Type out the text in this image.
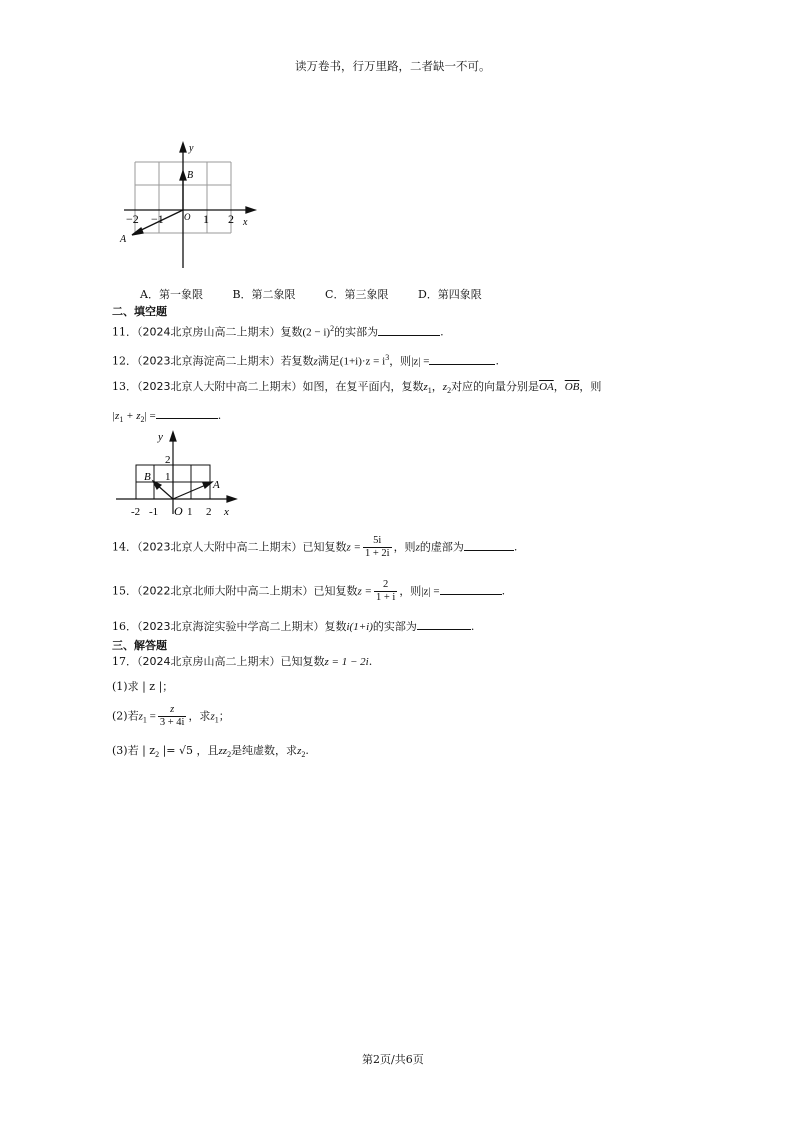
读万卷书，行万里路，二者缺一不可。
y
x
B
O
A
−2 −1	1 2
A．第一象限	B．第二象限	C．第三象限	D．第四象限
二、填空题
11．（2024北京房山高二上期末）复数$(2 - i)^2$的实部为	.
12．（2023北京海淀高二上期末）若复数z满足$(1+i)\cdot z = i^3$，则|z| =	.
13．（2023北京人大附中高二上期末）如图，在复平面内，复数$z_1$，$z_2$对应的向量分别是$\overline{OA}$，$\overline{OB}$，则
$|z_1 + z_2|$ =	.
y
x
B
O
A
1
2
-2 -1	1 2
14．（2023北京人大附中高二上期末）已知复数$z = \frac{5i}{1 + 2i}$ ，则z的虚部为	.
15．（2022北京北师大附中高二上期末）已知复数$z = \frac{2}{1 + i}$ ，则|z| =	.
16．（2023北京海淀实验中学高二上期末）复数i(1+i)的实部为	.
三、解答题
17．（2024北京房山高二上期末）已知复数z = 1 − 2i.
(1)求 | z |；
(2)若$z_1 = \frac{z}{3 + 4i}$ ，求$z_1$；
(3)若 | $z_2$ |= √5 ，且$zz_2$是纯虚数，求$z_2$.
第2页/共6页
